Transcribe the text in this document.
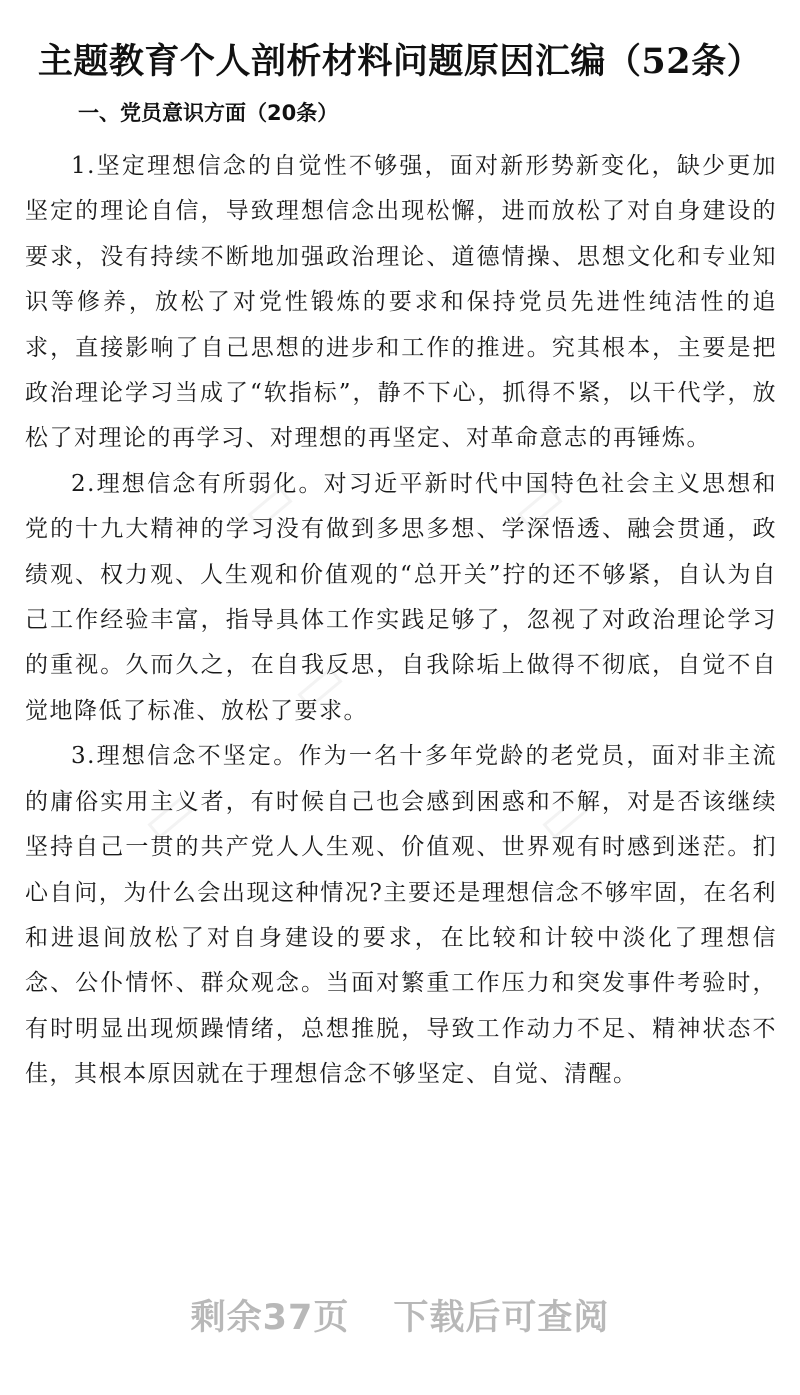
主题教育个人剖析材料问题原因汇编（52条）
一、党员意识方面（20条）

1.坚定理想信念的自觉性不够强，面对新形势新变化，缺少更加坚定的理论自信，导致理想信念出现松懈，进而放松了对自身建设的要求，没有持续不断地加强政治理论、道德情操、思想文化和专业知识等修养，放松了对党性锻炼的要求和保持党员先进性纯洁性的追求，直接影响了自己思想的进步和工作的推进。究其根本，主要是把政治理论学习当成了“软指标”，静不下心，抓得不紧，以干代学，放松了对理论的再学习、对理想的再坚定、对革命意志的再锤炼。

2.理想信念有所弱化。对习近平新时代中国特色社会主义思想和党的十九大精神的学习没有做到多思多想、学深悟透、融会贯通，政绩观、权力观、人生观和价值观的“总开关”拧的还不够紧，自认为自己工作经验丰富，指导具体工作实践足够了，忽视了对政治理论学习的重视。久而久之，在自我反思，自我除垢上做得不彻底，自觉不自觉地降低了标准、放松了要求。

3.理想信念不坚定。作为一名十多年党龄的老党员，面对非主流的庸俗实用主义者，有时候自己也会感到困惑和不解，对是否该继续坚持自己一贯的共产党人人生观、价值观、世界观有时感到迷茫。扪心自问，为什么会出现这种情况?主要还是理想信念不够牢固，在名利和进退间放松了对自身建设的要求，在比较和计较中淡化了理想信念、公仆情怀、群众观念。当面对繁重工作压力和突发事件考验时，有时明显出现烦躁情绪，总想推脱，导致工作动力不足、精神状态不佳，其根本原因就在于理想信念不够坚定、自觉、清醒。

剩余37页 下载后可查阅
